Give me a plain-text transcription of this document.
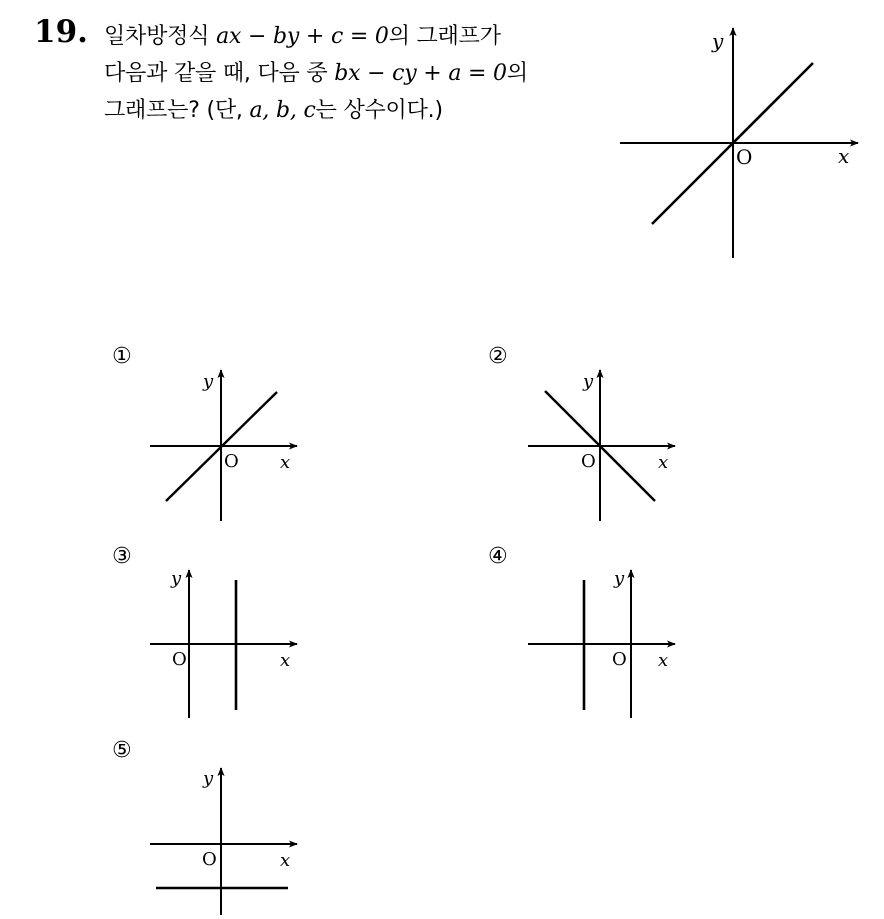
19. 일차방정식 ax − by + c = 0의 그래프가
다음과 같을 때, 다음 중 bx − cy + a = 0의
그래프는? (단, a, b, c는 상수이다.)
x
y
O
①	②
③	④
⑤
x
y
O	x
y
O
x
y
O	x
y
O
x
y
O
